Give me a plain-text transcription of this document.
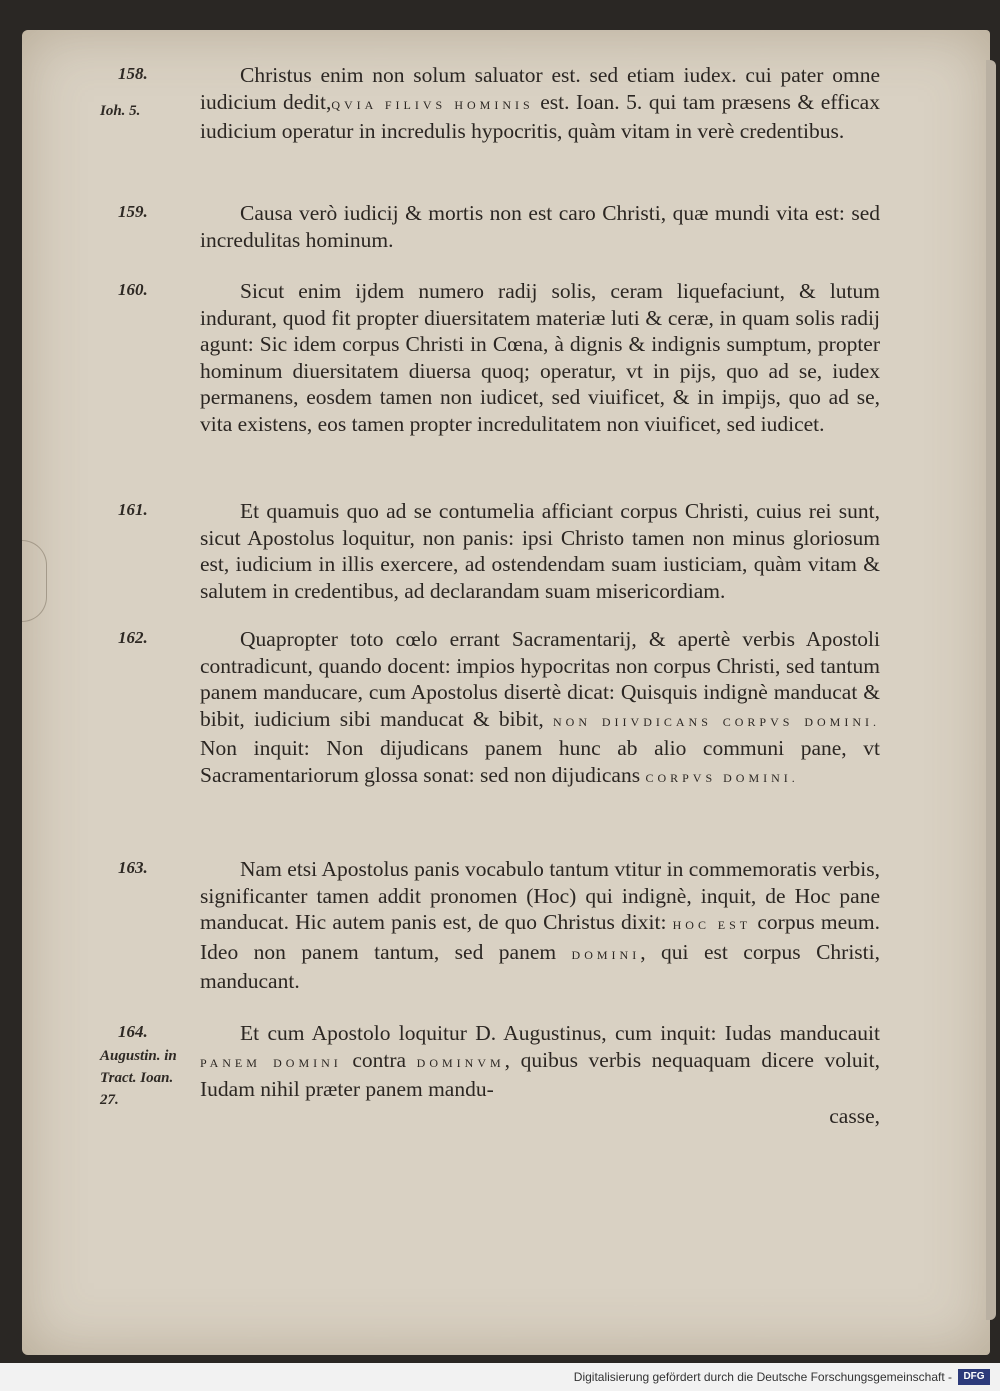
158.
Ioh. 5.

Christus enim non solum saluator est. sed etiam iudex. cui pater omne iudicium dedit,QVIA FILIVS HOMINIS est. Ioan. 5. qui tam præsens & efficax iudicium operatur in incredulis hypocritis, quàm vitam in verè credentibus.

159.	Causa verò iudicij & mortis non est caro Christi, quæ mundi vita est: sed incredulitas hominum.

160.	Sicut enim ijdem numero radij solis, ceram liquefaciunt, & lutum indurant, quod fit propter diuersitatem materiæ luti & ceræ, in quam solis radij agunt: Sic idem corpus Christi in Cœna, à dignis & indignis sumptum, propter hominum diuersitatem diuersa quoq; operatur, vt in pijs, quo ad se, iudex permanens, eosdem tamen non iudicet, sed viuificet, & in impijs, quo ad se, vita existens, eos tamen propter incredulitatem non viuificet, sed iudicet.

161.	Et quamuis quo ad se contumelia afficiant corpus Christi, cuius rei sunt, sicut Apostolus loquitur, non panis: ipsi Christo tamen non minus gloriosum est, iudicium in illis exercere, ad ostendendam suam iusticiam, quàm vitam & salutem in credentibus, ad declarandam suam misericordiam.

162.	Quapropter toto cœlo errant Sacramentarij, & apertè verbis Apostoli contradicunt, quando docent: impios hypocritas non corpus Christi, sed tantum panem manducare, cum Apostolus disertè dicat: Quisquis indignè manducat & bibit, iudicium sibi manducat & bibit, NON DIIVDICANS CORPVS DOMINI. Non inquit: Non dijudicans panem hunc ab alio communi pane, vt Sacramentariorum glossa sonat: sed non dijudicans CORPVS DOMINI.

163.	Nam etsi Apostolus panis vocabulo tantum vtitur in commemoratis verbis, significanter tamen addit pronomen (Hoc) qui indignè, inquit, de Hoc pane manducat. Hic autem panis est, de quo Christus dixit: HOC EST corpus meum. Ideo non panem tantum, sed panem DOMINI, qui est corpus Christi, manducant.

164.
Augustin. in Tract. Ioan. 27.

Et cum Apostolo loquitur D. Augustinus, cum inquit: Iudas manducauit PANEM DOMINI contra DOMINVM, quibus verbis nequaquam dicere voluit, Iudam nihil præter panem mandu-
casse,

Digitalisierung gefördert durch die Deutsche Forschungsgemeinschaft -	DFG
